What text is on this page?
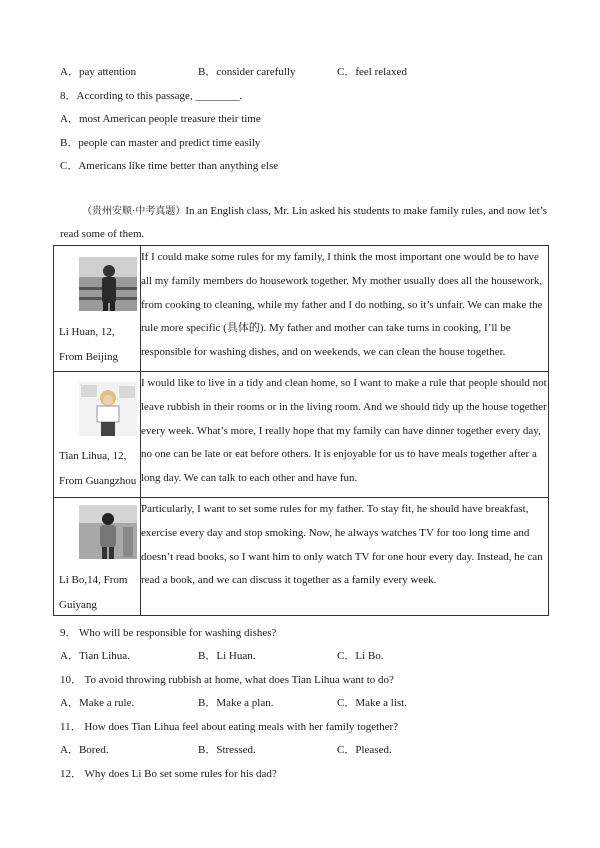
A．pay attention	B．consider carefully	C．feel relaxed
8．According to this passage, ________.
A．most American people treasure their time
B．people can master and predict time easily
C．Americans like time better than anything else
（贵州安顺·中考真题）In an English class, Mr. Lin asked his students to make family rules, and now let’s
read some of them.
Li Huan, 12,
From Beijing	If I could make some rules for my family, I think the most important one would be to have all my family members do housework together. My mother usually does all the housework, from cooking to cleaning, while my father and I do nothing, so it’s unfair. We can make the rule more specific (具体的). My father and mother can take turns in cooking, I’ll be responsible for washing dishes, and on weekends, we can clean the house together.

Tian Lihua, 12,
From Guangzhou	I would like to live in a tidy and clean home, so I want to make a rule that people should not leave rubbish in their rooms or in the living room. And we should tidy up the house together every week. What’s more, I really hope that my family can have dinner together every day, no one can be late or eat before others. It is enjoyable for us to have meals together after a long day. We can talk to each other and have fun.

Li Bo,14, From
Guiyang	Particularly, I want to set some rules for my father. To stay fit, he should have breakfast, exercise every day and stop smoking. Now, he always watches TV for too long time and doesn’t read books, so I want him to only watch TV for one hour every day. Instead, he can read a book, and we can discuss it together as a family every week.
9． Who will be responsible for washing dishes?
A．Tian Lihua.	B．Li Huan.	C．Li Bo.
10． To avoid throwing rubbish at home, what does Tian Lihua want to do?
A．Make a rule.	B．Make a plan.	C．Make a list.
11． How does Tian Lihua feel about eating meals with her family together?
A．Bored.	B．Stressed.	C．Pleased.
12． Why does Li Bo set some rules for his dad?
